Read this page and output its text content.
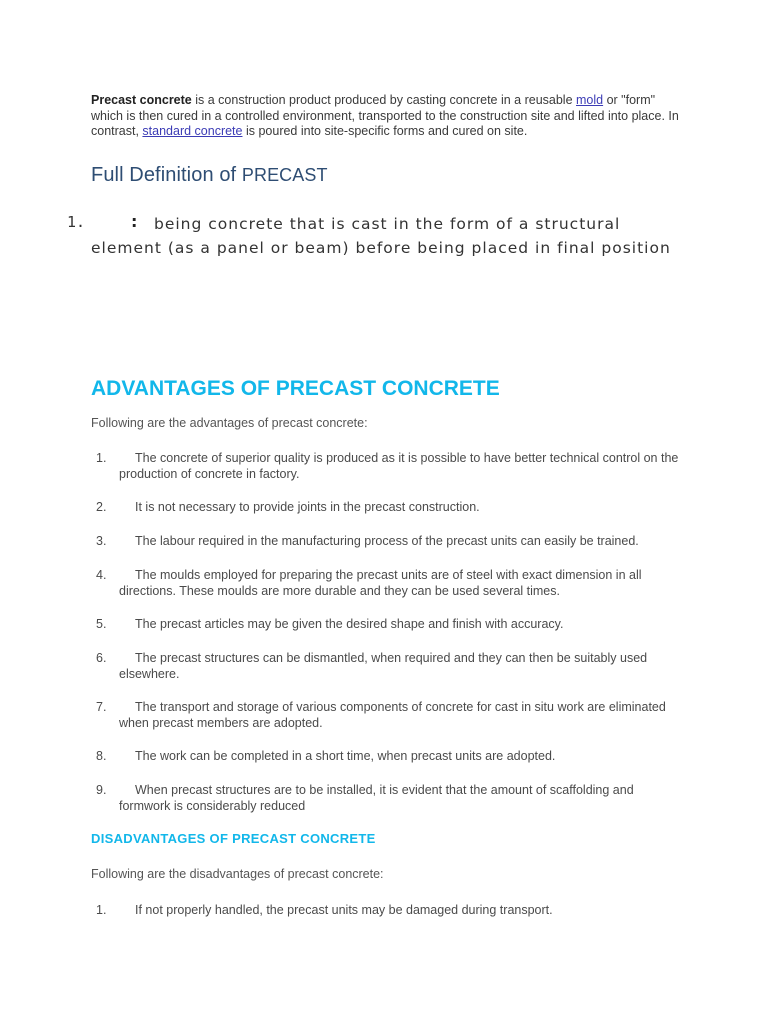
Precast concrete is a construction product produced by casting concrete in a reusable mold or "form" which is then cured in a controlled environment, transported to the construction site and lifted into place. In contrast, standard concrete is poured into site-specific forms and cured on site.

Full Definition of PRECAST
1.	:	being concrete that is cast in the form of a structural element (as a panel or beam) before being placed in final position
ADVANTAGES OF PRECAST CONCRETE
Following are the advantages of precast concrete:
1.	The concrete of superior quality is produced as it is possible to have better technical control on the production of concrete in factory.
2.	It is not necessary to provide joints in the precast construction.
3.	The labour required in the manufacturing process of the precast units can easily be trained.
4.	The moulds employed for preparing the precast units are of steel with exact dimension in all directions. These moulds are more durable and they can be used several times.
5.	The precast articles may be given the desired shape and finish with accuracy.
6.	The precast structures can be dismantled, when required and they can then be suitably used elsewhere.
7.	The transport and storage of various components of concrete for cast in situ work are eliminated when precast members are adopted.
8.	The work can be completed in a short time, when precast units are adopted.
9.	When precast structures are to be installed, it is evident that the amount of scaffolding and formwork is considerably reduced
DISADVANTAGES OF PRECAST CONCRETE
Following are the disadvantages of precast concrete:
1.	If not properly handled, the precast units may be damaged during transport.
